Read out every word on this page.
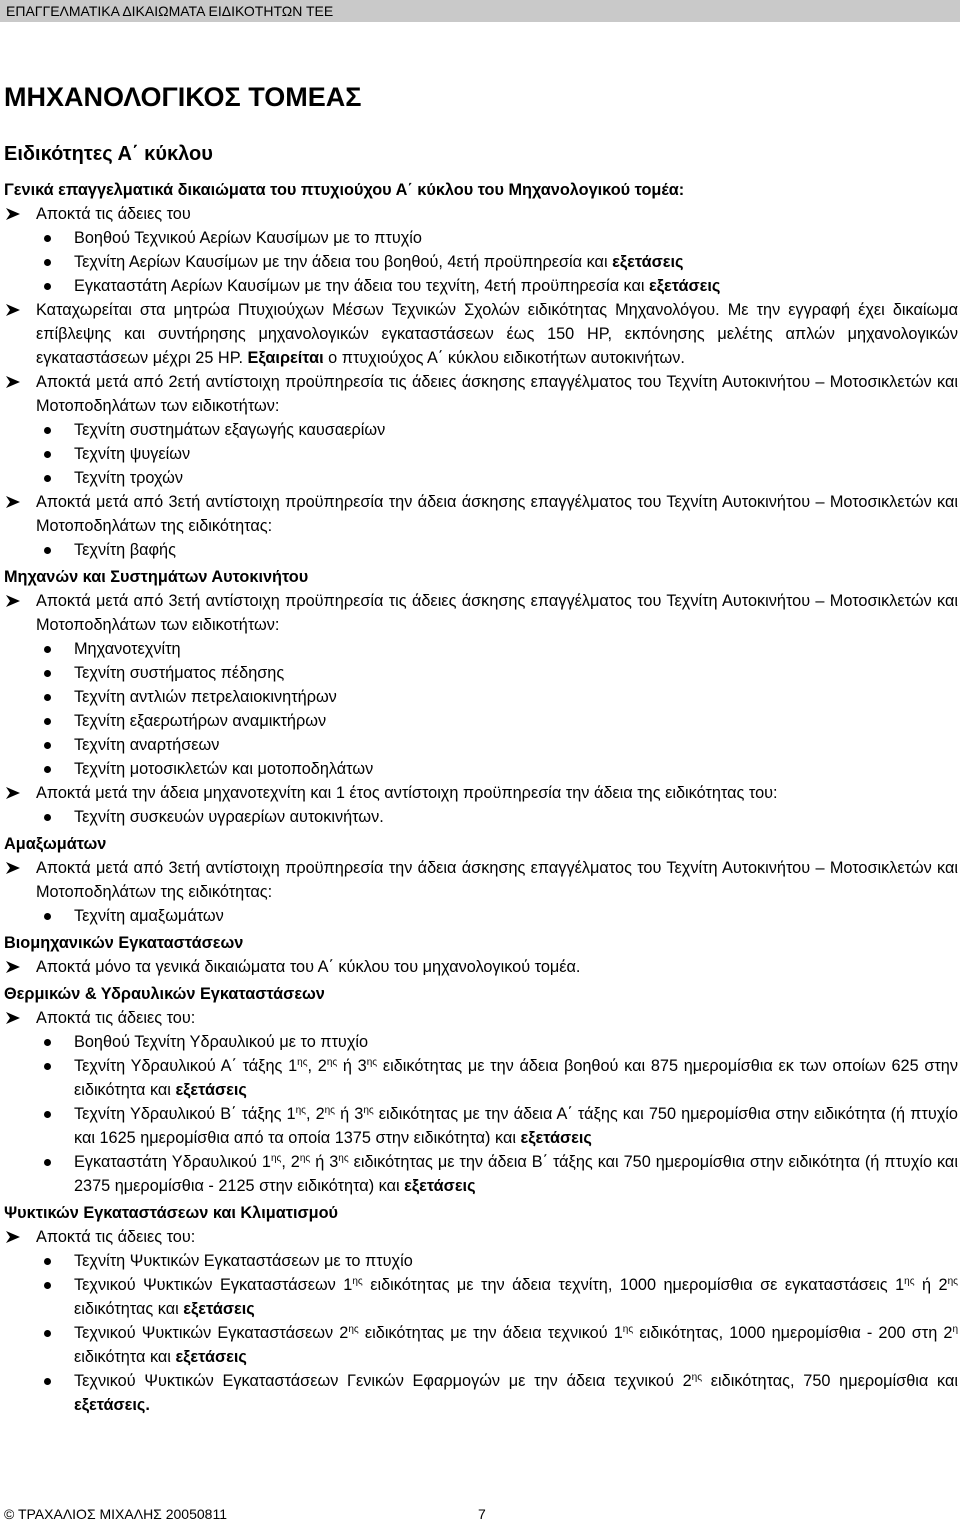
ΕΠΑΓΓΕΛΜΑΤΙΚΑ ΔΙΚΑΙΩΜΑΤΑ ΕΙΔΙΚΟΤΗΤΩΝ ΤΕΕ
ΜΗΧΑΝΟΛΟΓΙΚΟΣ ΤΟΜΕΑΣ
Ειδικότητες Α΄ κύκλου

Γενικά επαγγελματικά δικαιώματα του πτυχιούχου Α΄ κύκλου του Μηχανολογικού τομέα:

Αποκτά τις άδειες του
Βοηθού Τεχνικού Αερίων Καυσίμων με το πτυχίο
Τεχνίτη Αερίων Καυσίμων με την άδεια του βοηθού, 4ετή προϋπηρεσία και εξετάσεις
Εγκαταστάτη Αερίων Καυσίμων με την άδεια του τεχνίτη, 4ετή προϋπηρεσία και εξετάσεις
Καταχωρείται στα μητρώα Πτυχιούχων Μέσων Τεχνικών Σχολών ειδικότητας Μηχανολόγου. Με την εγγραφή έχει δικαίωμα επίβλεψης και συντήρησης μηχανολογικών εγκαταστάσεων έως 150 HP, εκπόνησης μελέτης απλών μηχανολογικών εγκαταστάσεων μέχρι 25 HP. Εξαιρείται ο πτυχιούχος Α΄ κύκλου ειδικοτήτων αυτοκινήτων.
Αποκτά μετά από 2ετή αντίστοιχη προϋπηρεσία τις άδειες άσκησης επαγγέλματος του Τεχνίτη Αυτοκινήτου – Μοτοσικλετών και Μοτοποδηλάτων των ειδικοτήτων:
Τεχνίτη συστημάτων εξαγωγής καυσαερίων
Τεχνίτη ψυγείων
Τεχνίτη τροχών
Αποκτά μετά από 3ετή αντίστοιχη προϋπηρεσία την άδεια άσκησης επαγγέλματος του Τεχνίτη Αυτοκινήτου – Μοτοσικλετών και Μοτοποδηλάτων της ειδικότητας:
Τεχνίτη βαφής

Μηχανών και Συστημάτων Αυτοκινήτου

Αποκτά μετά από 3ετή αντίστοιχη προϋπηρεσία τις άδειες άσκησης επαγγέλματος του Τεχνίτη Αυτοκινήτου – Μοτοσικλετών και Μοτοποδηλάτων των ειδικοτήτων:
Μηχανοτεχνίτη
Τεχνίτη συστήματος πέδησης
Τεχνίτη αντλιών πετρελαιοκινητήρων
Τεχνίτη εξαερωτήρων αναμικτήρων
Τεχνίτη αναρτήσεων
Τεχνίτη μοτοσικλετών και μοτοποδηλάτων
Αποκτά μετά την άδεια μηχανοτεχνίτη και 1 έτος αντίστοιχη προϋπηρεσία την άδεια της ειδικότητας του:
Τεχνίτη συσκευών υγραερίων αυτοκινήτων.

Αμαξωμάτων

Αποκτά μετά από 3ετή αντίστοιχη προϋπηρεσία την άδεια άσκησης επαγγέλματος του Τεχνίτη Αυτοκινήτου – Μοτοσικλετών και Μοτοποδηλάτων της ειδικότητας:
Τεχνίτη αμαξωμάτων

Βιομηχανικών Εγκαταστάσεων

Αποκτά μόνο τα γενικά δικαιώματα του Α΄ κύκλου του μηχανολογικού τομέα.

Θερμικών & Υδραυλικών Εγκαταστάσεων

Αποκτά τις άδειες του:
Βοηθού Τεχνίτη Υδραυλικού με το πτυχίο
Τεχνίτη Υδραυλικού Α΄ τάξης $1^{\eta\varsigma}$, $2^{\eta\varsigma}$ ή $3^{\eta\varsigma}$ ειδικότητας με την άδεια βοηθού και 875 ημερομίσθια εκ των οποίων 625 στην ειδικότητα και εξετάσεις
Τεχνίτη Υδραυλικού Β΄ τάξης $1^{\eta\varsigma}$, $2^{\eta\varsigma}$ ή $3^{\eta\varsigma}$ ειδικότητας με την άδεια Α΄ τάξης και 750 ημερομίσθια στην ειδικότητα (ή πτυχίο και 1625 ημερομίσθια από τα οποία 1375 στην ειδικότητα) και εξετάσεις
Εγκαταστάτη Υδραυλικού $1^{\eta\varsigma}$, $2^{\eta\varsigma}$ ή $3^{\eta\varsigma}$ ειδικότητας με την άδεια Β΄ τάξης και 750 ημερομίσθια στην ειδικότητα (ή πτυχίο και 2375 ημερομίσθια - 2125 στην ειδικότητα) και εξετάσεις

Ψυκτικών Εγκαταστάσεων και Κλιματισμού

Αποκτά τις άδειες του:
Τεχνίτη Ψυκτικών Εγκαταστάσεων με το πτυχίο
Τεχνικού Ψυκτικών Εγκαταστάσεων $1^{\eta\varsigma}$ ειδικότητας με την άδεια τεχνίτη, 1000 ημερομίσθια σε εγκαταστάσεις $1^{\eta\varsigma}$ ή $2^{\eta\varsigma}$ ειδικότητας και εξετάσεις
Τεχνικού Ψυκτικών Εγκαταστάσεων $2^{\eta\varsigma}$ ειδικότητας με την άδεια τεχνικού $1^{\eta\varsigma}$ ειδικότητας, 1000 ημερομίσθια - 200 στη $2^\eta$ ειδικότητα και εξετάσεις
Τεχνικού Ψυκτικών Εγκαταστάσεων Γενικών Εφαρμογών με την άδεια τεχνικού $2^{\eta\varsigma}$ ειδικότητας, 750 ημερομίσθια και εξετάσεις.
© ΤΡΑΧΑΛΙΟΣ ΜΙΧΑΛΗΣ 20050811	7
